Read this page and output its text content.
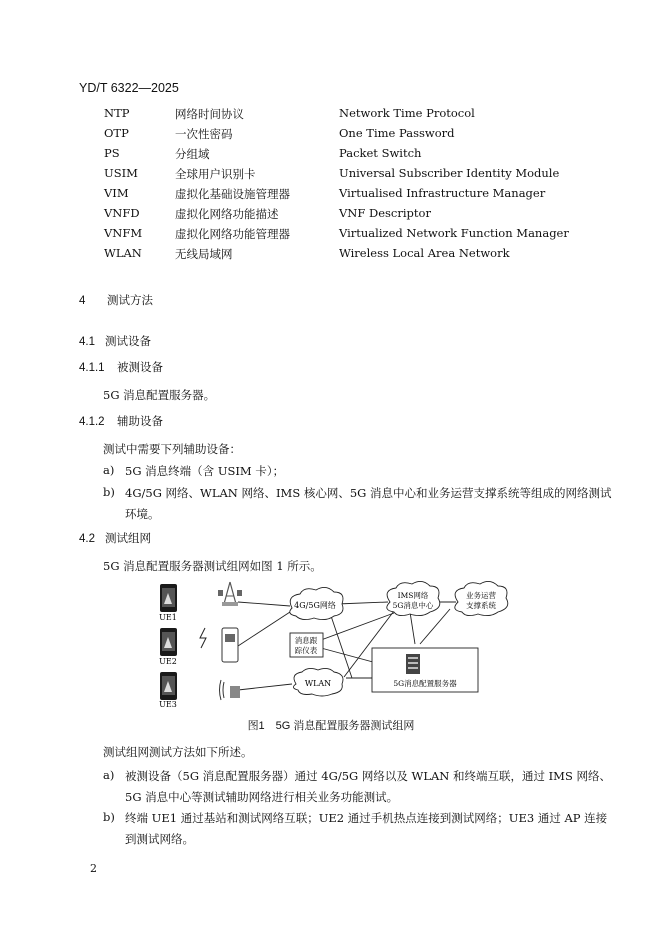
YD/T 6322—2025
NTP	网络时间协议	Network Time Protocol
OTP	一次性密码	One Time Password
PS	分组域	Packet Switch
USIM	全球用户识别卡	Universal Subscriber Identity Module
VIM	虚拟化基础设施管理器	Virtualised Infrastructure Manager
VNFD	虚拟化网络功能描述	VNF Descriptor
VNFM	虚拟化网络功能管理器	Virtualized Network Function Manager
WLAN	无线局域网	Wireless Local Area Network
4 测试方法
4.1 测试设备
4.1.1 被测设备
5G 消息配置服务器。
4.1.2 辅助设备
测试中需要下列辅助设备：
a) 5G 消息终端（含 USIM 卡）；
b) 4G/5G 网络、WLAN 网络、IMS 核心网、5G 消息中心和业务运营支撑系统等组成的网络测试
环境。
4.2 测试组网
5G 消息配置服务器测试组网如图 1 所示。
UE1
UE2
UE3
4G/5G网络
IMS网络
5G消息中心
业务运营
支撑系统
消息跟
踪仪表
WLAN	5G消息配置服务器
图1　5G 消息配置服务器测试组网
测试组网测试方法如下所述。
a) 被测设备（5G 消息配置服务器）通过 4G/5G 网络以及 WLAN 和终端互联，通过 IMS 网络、
5G 消息中心等测试辅助网络进行相关业务功能测试。
b) 终端 UE1 通过基站和测试网络互联；UE2 通过手机热点连接到测试网络；UE3 通过 AP 连接
到测试网络。
2
